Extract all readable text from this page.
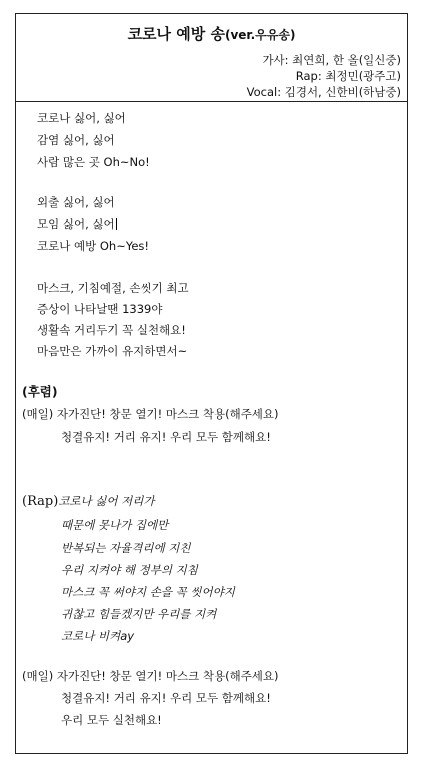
코로나 예방 송(ver.우유송)
가사: 최연희, 한 올(일신중)
Rap: 최정민(광주고)
Vocal: 김경서, 신한비(하남중)
코로나 싫어, 싫어
감염 싫어, 싫어
사람 많은 곳 Oh~No!
외출 싫어, 싫어
모임 싫어, 싫어
코로나 예방 Oh~Yes!
마스크, 기침예절, 손씻기 최고
증상이 나타날땐 1339야
생활속 거리두기 꼭 실천해요!
마음만은 가까이 유지하면서~
(후렴)
(매일) 자가진단! 창문 열기! 마스크 착용(해주세요)
청결유지! 거리 유지! 우리 모두 함께해요!
(Rap)코로나 싫어 저리가
때문에 못나가 집에만
반복되는 자율격리에 지친
우리 지켜야 해 정부의 지침
마스크 꼭 써야지 손을 꼭 씻어야지
귀찮고 힘들겠지만 우리를 지켜
코로나 비켜ay
(매일) 자가진단! 창문 열기! 마스크 착용(해주세요)
청결유지! 거리 유지! 우리 모두 함께해요!
우리 모두 실천해요!
